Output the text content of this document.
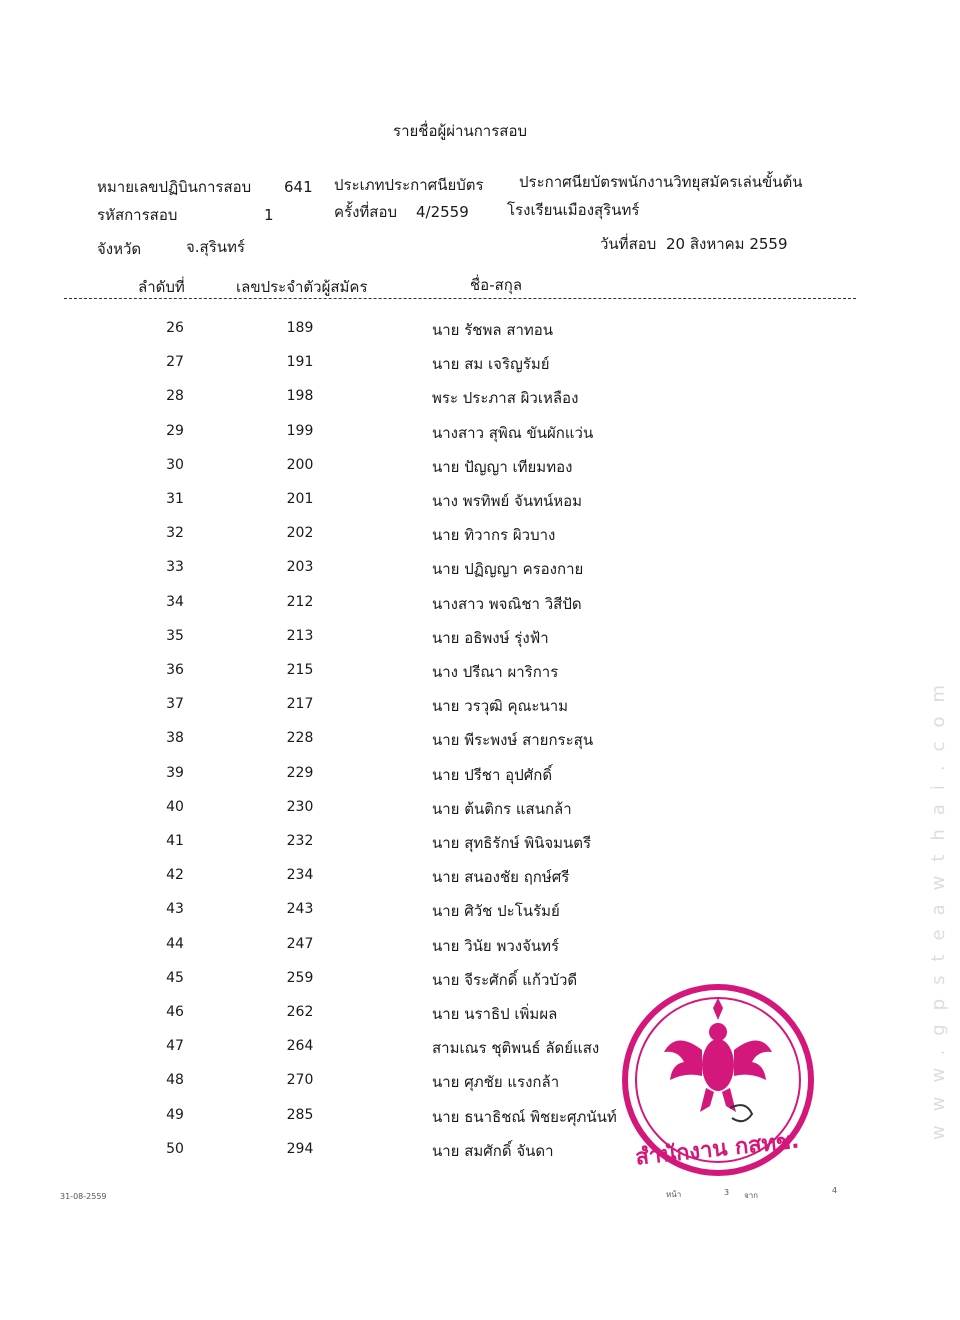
รายชื่อผู้ผ่านการสอบ
หมายเลขปฏิบินการสอบ 641 ประเภทประกาศนียบัตร ประกาศนียบัตรพนักงานวิทยุสมัครเล่นขั้นต้น
รหัสการสอบ	1	ครั้งที่สอบ 4/2559	โรงเรียนเมืองสุรินทร์
จังหวัด	จ.สุรินทร์	วันที่สอบ 20 สิงหาคม 2559
ลำดับที่	เลขประจำตัวผู้สมัคร	ชื่อ-สกุล
26	189	นาย รัชพล สาทอน
27	191	นาย สม เจริญรัมย์
28	198	พระ ประภาส ผิวเหลือง
29	199	นางสาว สุพิณ ขันผักแว่น
30	200	นาย ปัญญา เทียมทอง
31	201	นาง พรทิพย์ จันทน์หอม
32	202	นาย ทิวากร ผิวบาง
33	203	นาย ปฏิญญา ครองกาย
34	212	นางสาว พจณิชา วิสีปัด
35	213	นาย อธิพงษ์ รุ่งฟ้า
36	215	นาง ปรีณา ผาริการ
37	217	นาย วรวุฒิ คุณะนาม
38	228	นาย พีระพงษ์ สายกระสุน
39	229	นาย ปรีชา อุปศักดิ์
40	230	นาย ต้นติกร แสนกล้า
41	232	นาย สุทธิรักษ์ พินิจมนตรี
42	234	นาย สนองชัย ฤกษ์ศรี
43	243	นาย ศิวัช ปะโนรัมย์
44	247	นาย วินัย พวงจันทร์
45	259	นาย จีระศักดิ์ แก้วบัวดี
46	262	นาย นราธิป เพิ่มผล
47	264	สามเณร ชุติพนธ์ ลัดย์แสง
48	270	นาย ศุภชัย แรงกล้า
49	285	นาย ธนาธิชณ์ พิชยะศุภนันท์
50	294	นาย สมศักดิ์ จันดา	สำนักงาน กสทช.
www.gpsteawthai.com
31-08-2559	หน้า	3 จาก
4
